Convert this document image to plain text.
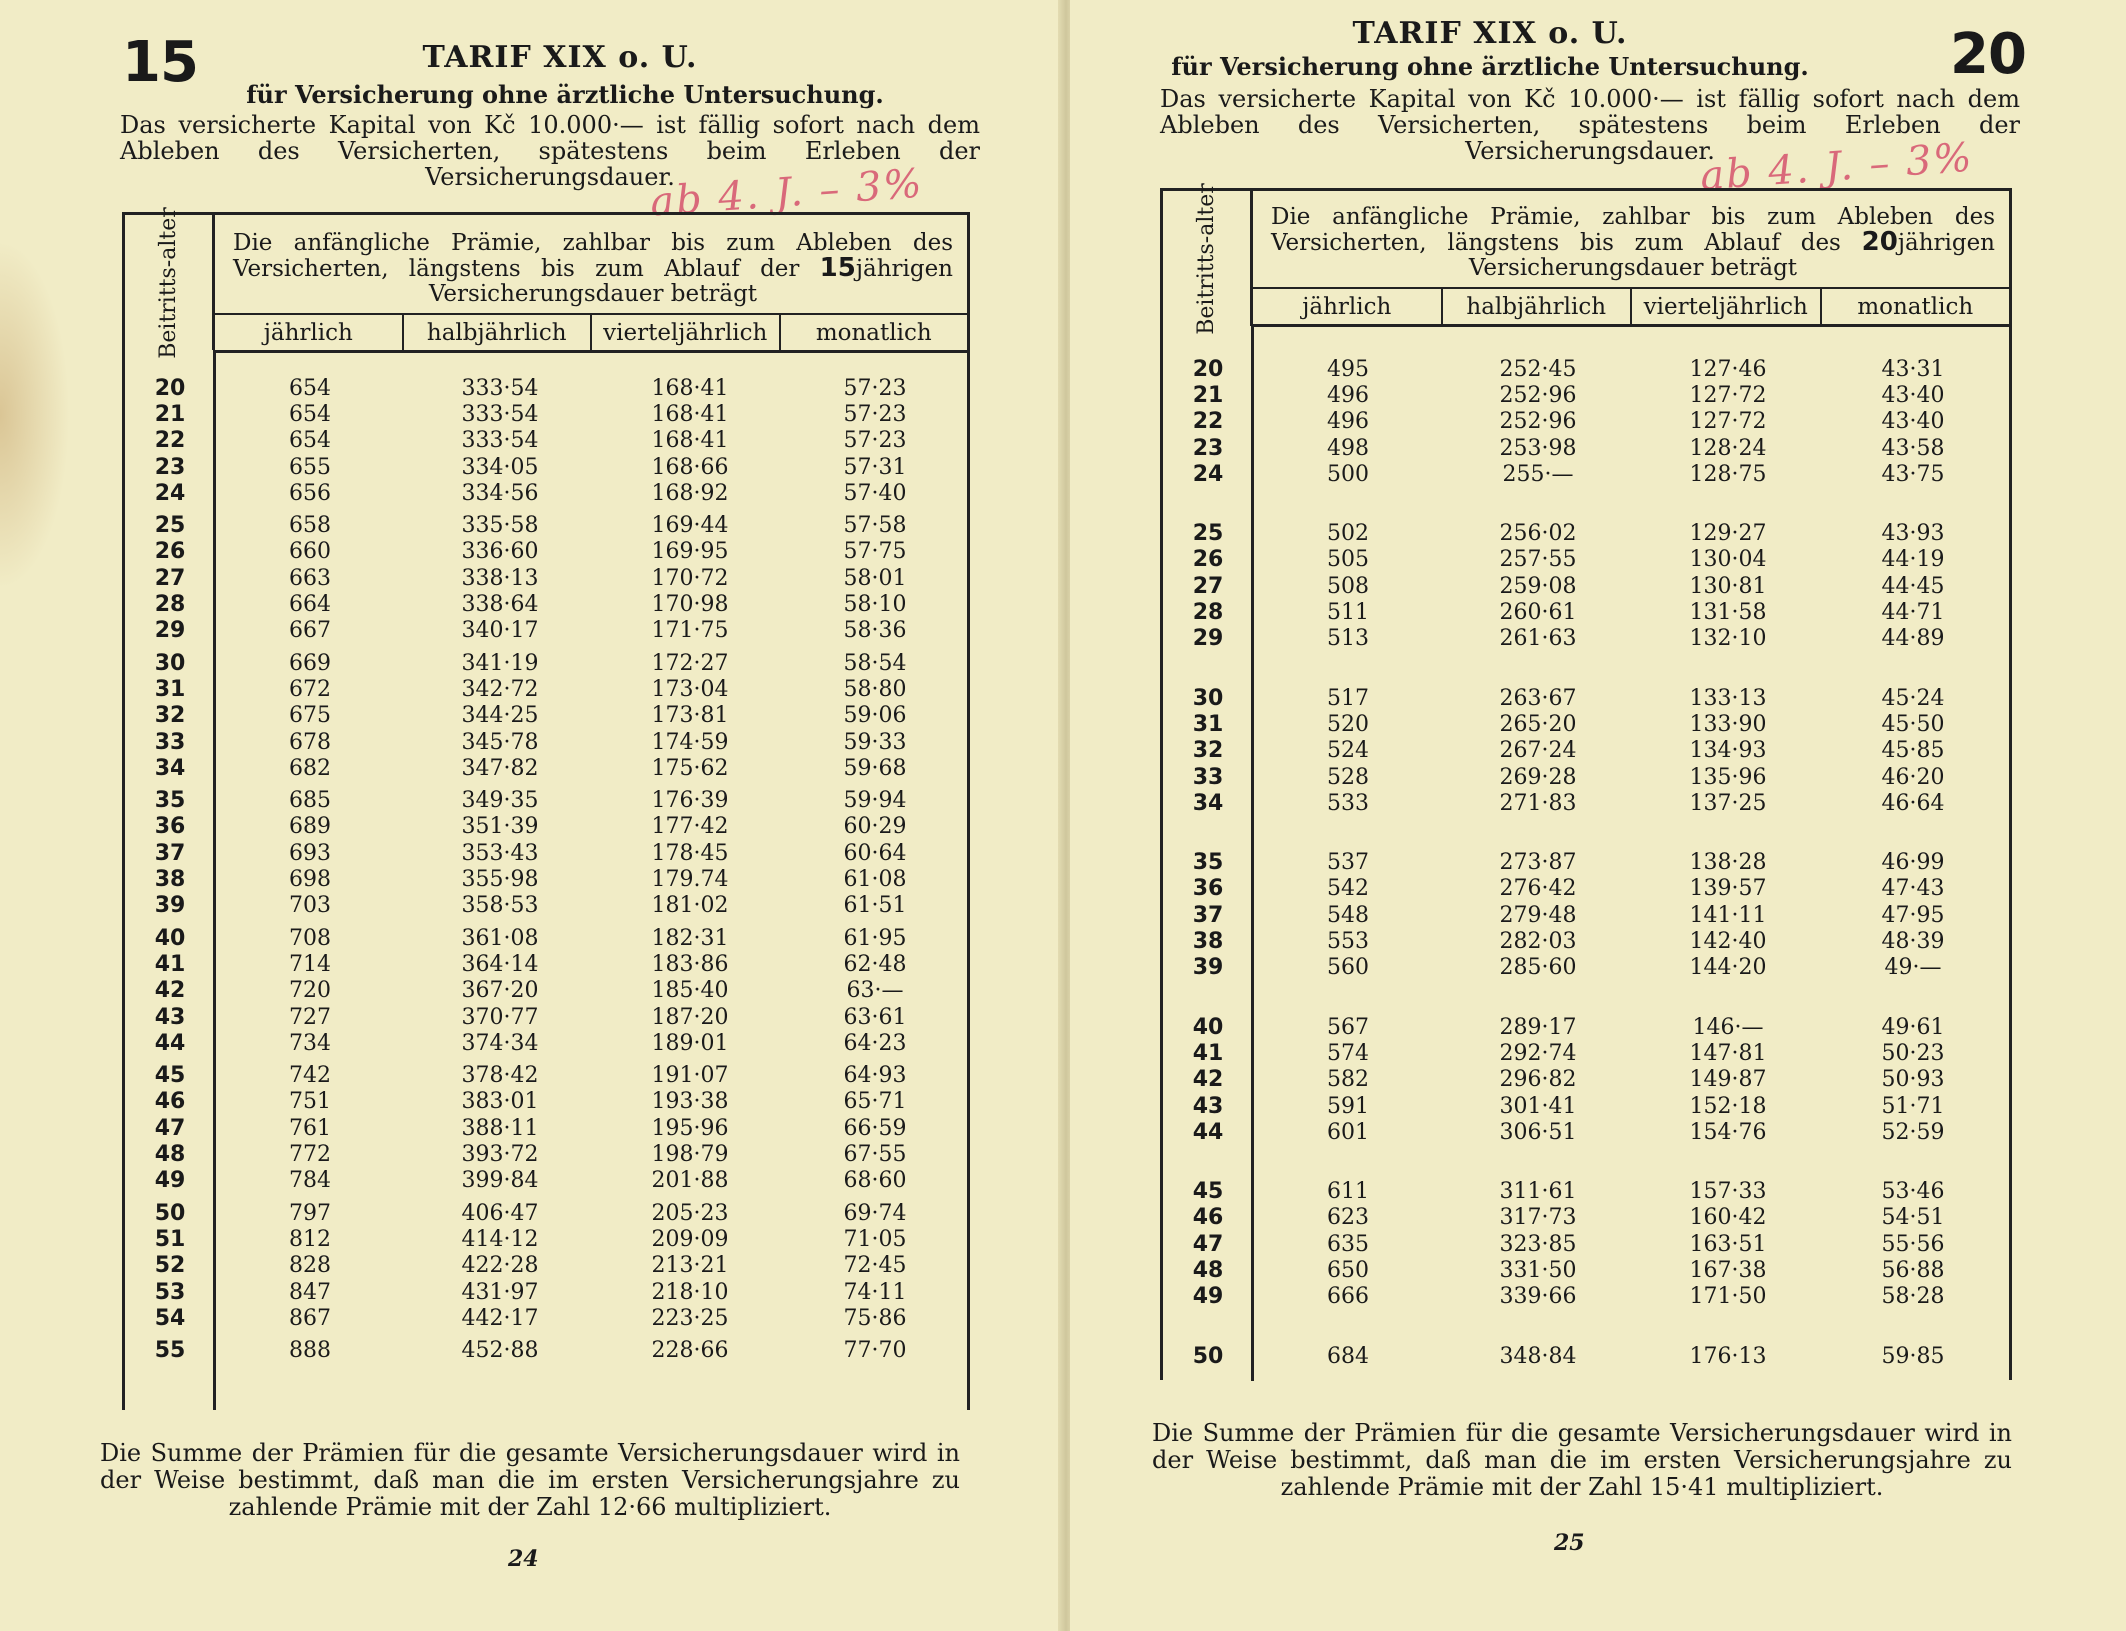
15	TARIF XIX o. U.
für Versicherung ohne ärztliche Untersuchung.
Das versicherte Kapital von Kč 10.000·— ist fällig sofort nach dem Ableben des Versicherten, spätestens beim Erleben der Versicherungsdauer.
ab 4. J. – 3%
Beitritts-alter Die anfängliche Prämie, zahlbar bis zum Ableben des Versicherten, längstens bis zum Ablauf der 15jährigen Versicherungsdauer beträgt
jährlich	halbjährlich	vierteljährlich	monatlich
20	654	333·54	168·41	57·23
21	654	333·54	168·41	57·23
22	654	333·54	168·41	57·23
23	655	334·05	168·66	57·31
24	656	334·56	168·92	57·40
25	658	335·58	169·44	57·58
26	660	336·60	169·95	57·75
27	663	338·13	170·72	58·01
28	664	338·64	170·98	58·10
29	667	340·17	171·75	58·36
30	669	341·19	172·27	58·54
31	672	342·72	173·04	58·80
32	675	344·25	173·81	59·06
33	678	345·78	174·59	59·33
34	682	347·82	175·62	59·68
35	685	349·35	176·39	59·94
36	689	351·39	177·42	60·29
37	693	353·43	178·45	60·64
38	698	355·98	179.74	61·08
39	703	358·53	181·02	61·51
40	708	361·08	182·31	61·95
41	714	364·14	183·86	62·48
42	720	367·20	185·40	63·—
43	727	370·77	187·20	63·61
44	734	374·34	189·01	64·23
45	742	378·42	191·07	64·93
46	751	383·01	193·38	65·71
47	761	388·11	195·96	66·59
48	772	393·72	198·79	67·55
49	784	399·84	201·88	68·60
50	797	406·47	205·23	69·74
51	812	414·12	209·09	71·05
52	828	422·28	213·21	72·45
53	847	431·97	218·10	74·11
54	867	442·17	223·25	75·86
55	888	452·88	228·66	77·70
Die Summe der Prämien für die gesamte Versicherungsdauer wird in der Weise bestimmt, daß man die im ersten Versicherungsjahre zu zahlende Prämie mit der Zahl 12·66 multipliziert.
24
TARIF XIX o. U.
für Versicherung ohne ärztliche Untersuchung.	20
Das versicherte Kapital von Kč 10.000·— ist fällig sofort nach dem Ableben des Versicherten, spätestens beim Erleben der Versicherungsdauer.
ab 4. J. – 3%
Beitritts-alter Die anfängliche Prämie, zahlbar bis zum Ableben des Versicherten, längstens bis zum Ablauf des 20jährigen Versicherungsdauer beträgt
jährlich	halbjährlich	vierteljährlich	monatlich
20	495	252·45	127·46	43·31
21	496	252·96	127·72	43·40
22	496	252·96	127·72	43·40
23	498	253·98	128·24	43·58
24	500	255·—	128·75	43·75
25	502	256·02	129·27	43·93
26	505	257·55	130·04	44·19
27	508	259·08	130·81	44·45
28	511	260·61	131·58	44·71
29	513	261·63	132·10	44·89
30	517	263·67	133·13	45·24
31	520	265·20	133·90	45·50
32	524	267·24	134·93	45·85
33	528	269·28	135·96	46·20
34	533	271·83	137·25	46·64
35	537	273·87	138·28	46·99
36	542	276·42	139·57	47·43
37	548	279·48	141·11	47·95
38	553	282·03	142·40	48·39
39	560	285·60	144·20	49·—
40	567	289·17	146·—	49·61
41	574	292·74	147·81	50·23
42	582	296·82	149·87	50·93
43	591	301·41	152·18	51·71
44	601	306·51	154·76	52·59
45	611	311·61	157·33	53·46
46	623	317·73	160·42	54·51
47	635	323·85	163·51	55·56
48	650	331·50	167·38	56·88
49	666	339·66	171·50	58·28
50	684	348·84	176·13	59·85
Die Summe der Prämien für die gesamte Versicherungsdauer wird in der Weise bestimmt, daß man die im ersten Versicherungsjahre zu zahlende Prämie mit der Zahl 15·41 multipliziert.
25
